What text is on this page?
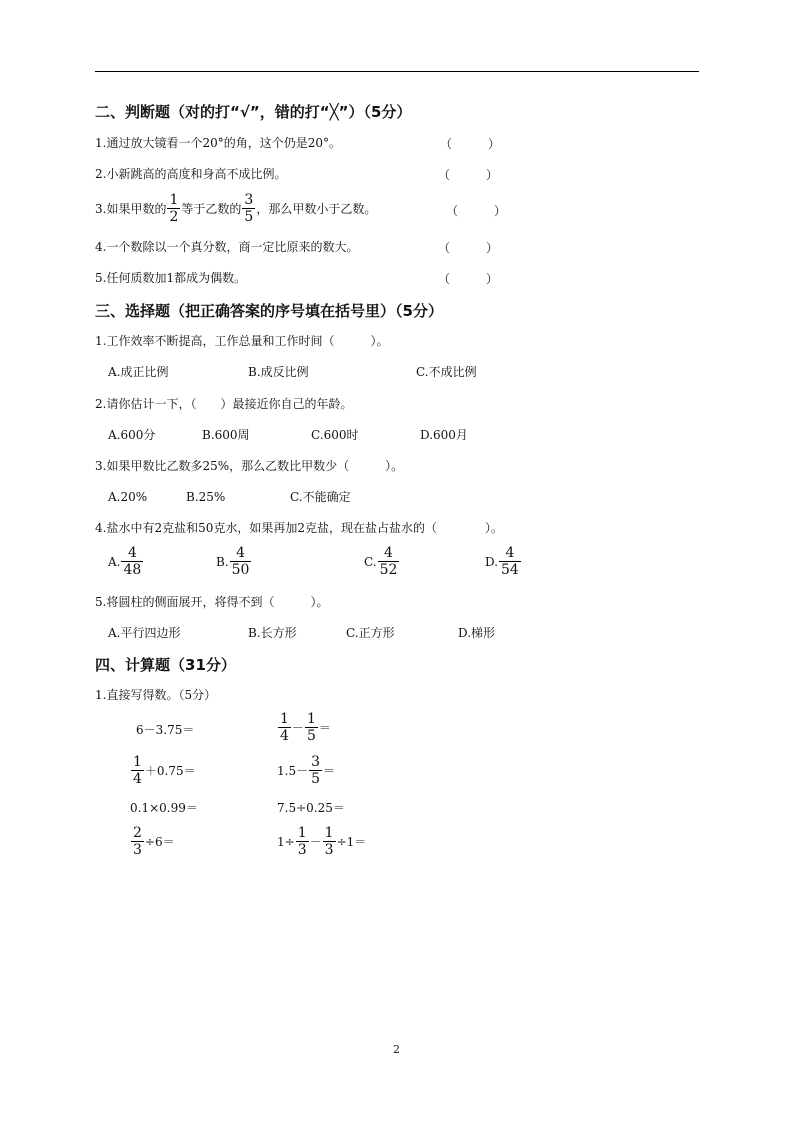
二、判断题（对的打“√”，错的打“╳”）（5分）
1.通过放大镜看一个20°的角，这个仍是20°。	（　　　）
2.小新跳高的高度和身高不成比例。	（　　　）
3.如果甲数的 $\frac{1}{2}$ 等于乙数的 $\frac{3}{5}$ ，那么甲数小于乙数。	（　　　）
4.一个数除以一个真分数，商一定比原来的数大。	（　　　）
5.任何质数加1都成为偶数。	（　　　）
三、选择题（把正确答案的序号填在括号里）（5分）
1.工作效率不断提高，工作总量和工作时间（　　　）。
A.成正比例	B.成反比例	C.不成比例
2.请你估计一下，（　　）最接近你自己的年龄。
A.600分	B.600周	C.600时	D.600月
3.如果甲数比乙数多25%，那么乙数比甲数少（　　　）。
A.20%	B.25%	C.不能确定
4.盐水中有2克盐和50克水，如果再加2克盐，现在盐占盐水的（　　　　）。
A. $\frac{4}{48}$	B. $\frac{4}{50}$	C. $\frac{4}{52}$	D. $\frac{4}{54}$
5.将圆柱的侧面展开，将得不到（　　　）。
A.平行四边形	B.长方形	C.正方形	D.梯形
四、计算题（31分）
1.直接写得数。（5分）
6－3.75＝	$\frac{1}{4} - \frac{1}{5}$ ＝
$\frac{1}{4} +0.75=$	$1.5- \frac{3}{5}$ ＝
0.1×0.99＝	7.5÷0.25＝
$\frac{2}{3} \div 6=$	$1\div \frac{1}{3} - \frac{1}{3} \div 1=$
2
